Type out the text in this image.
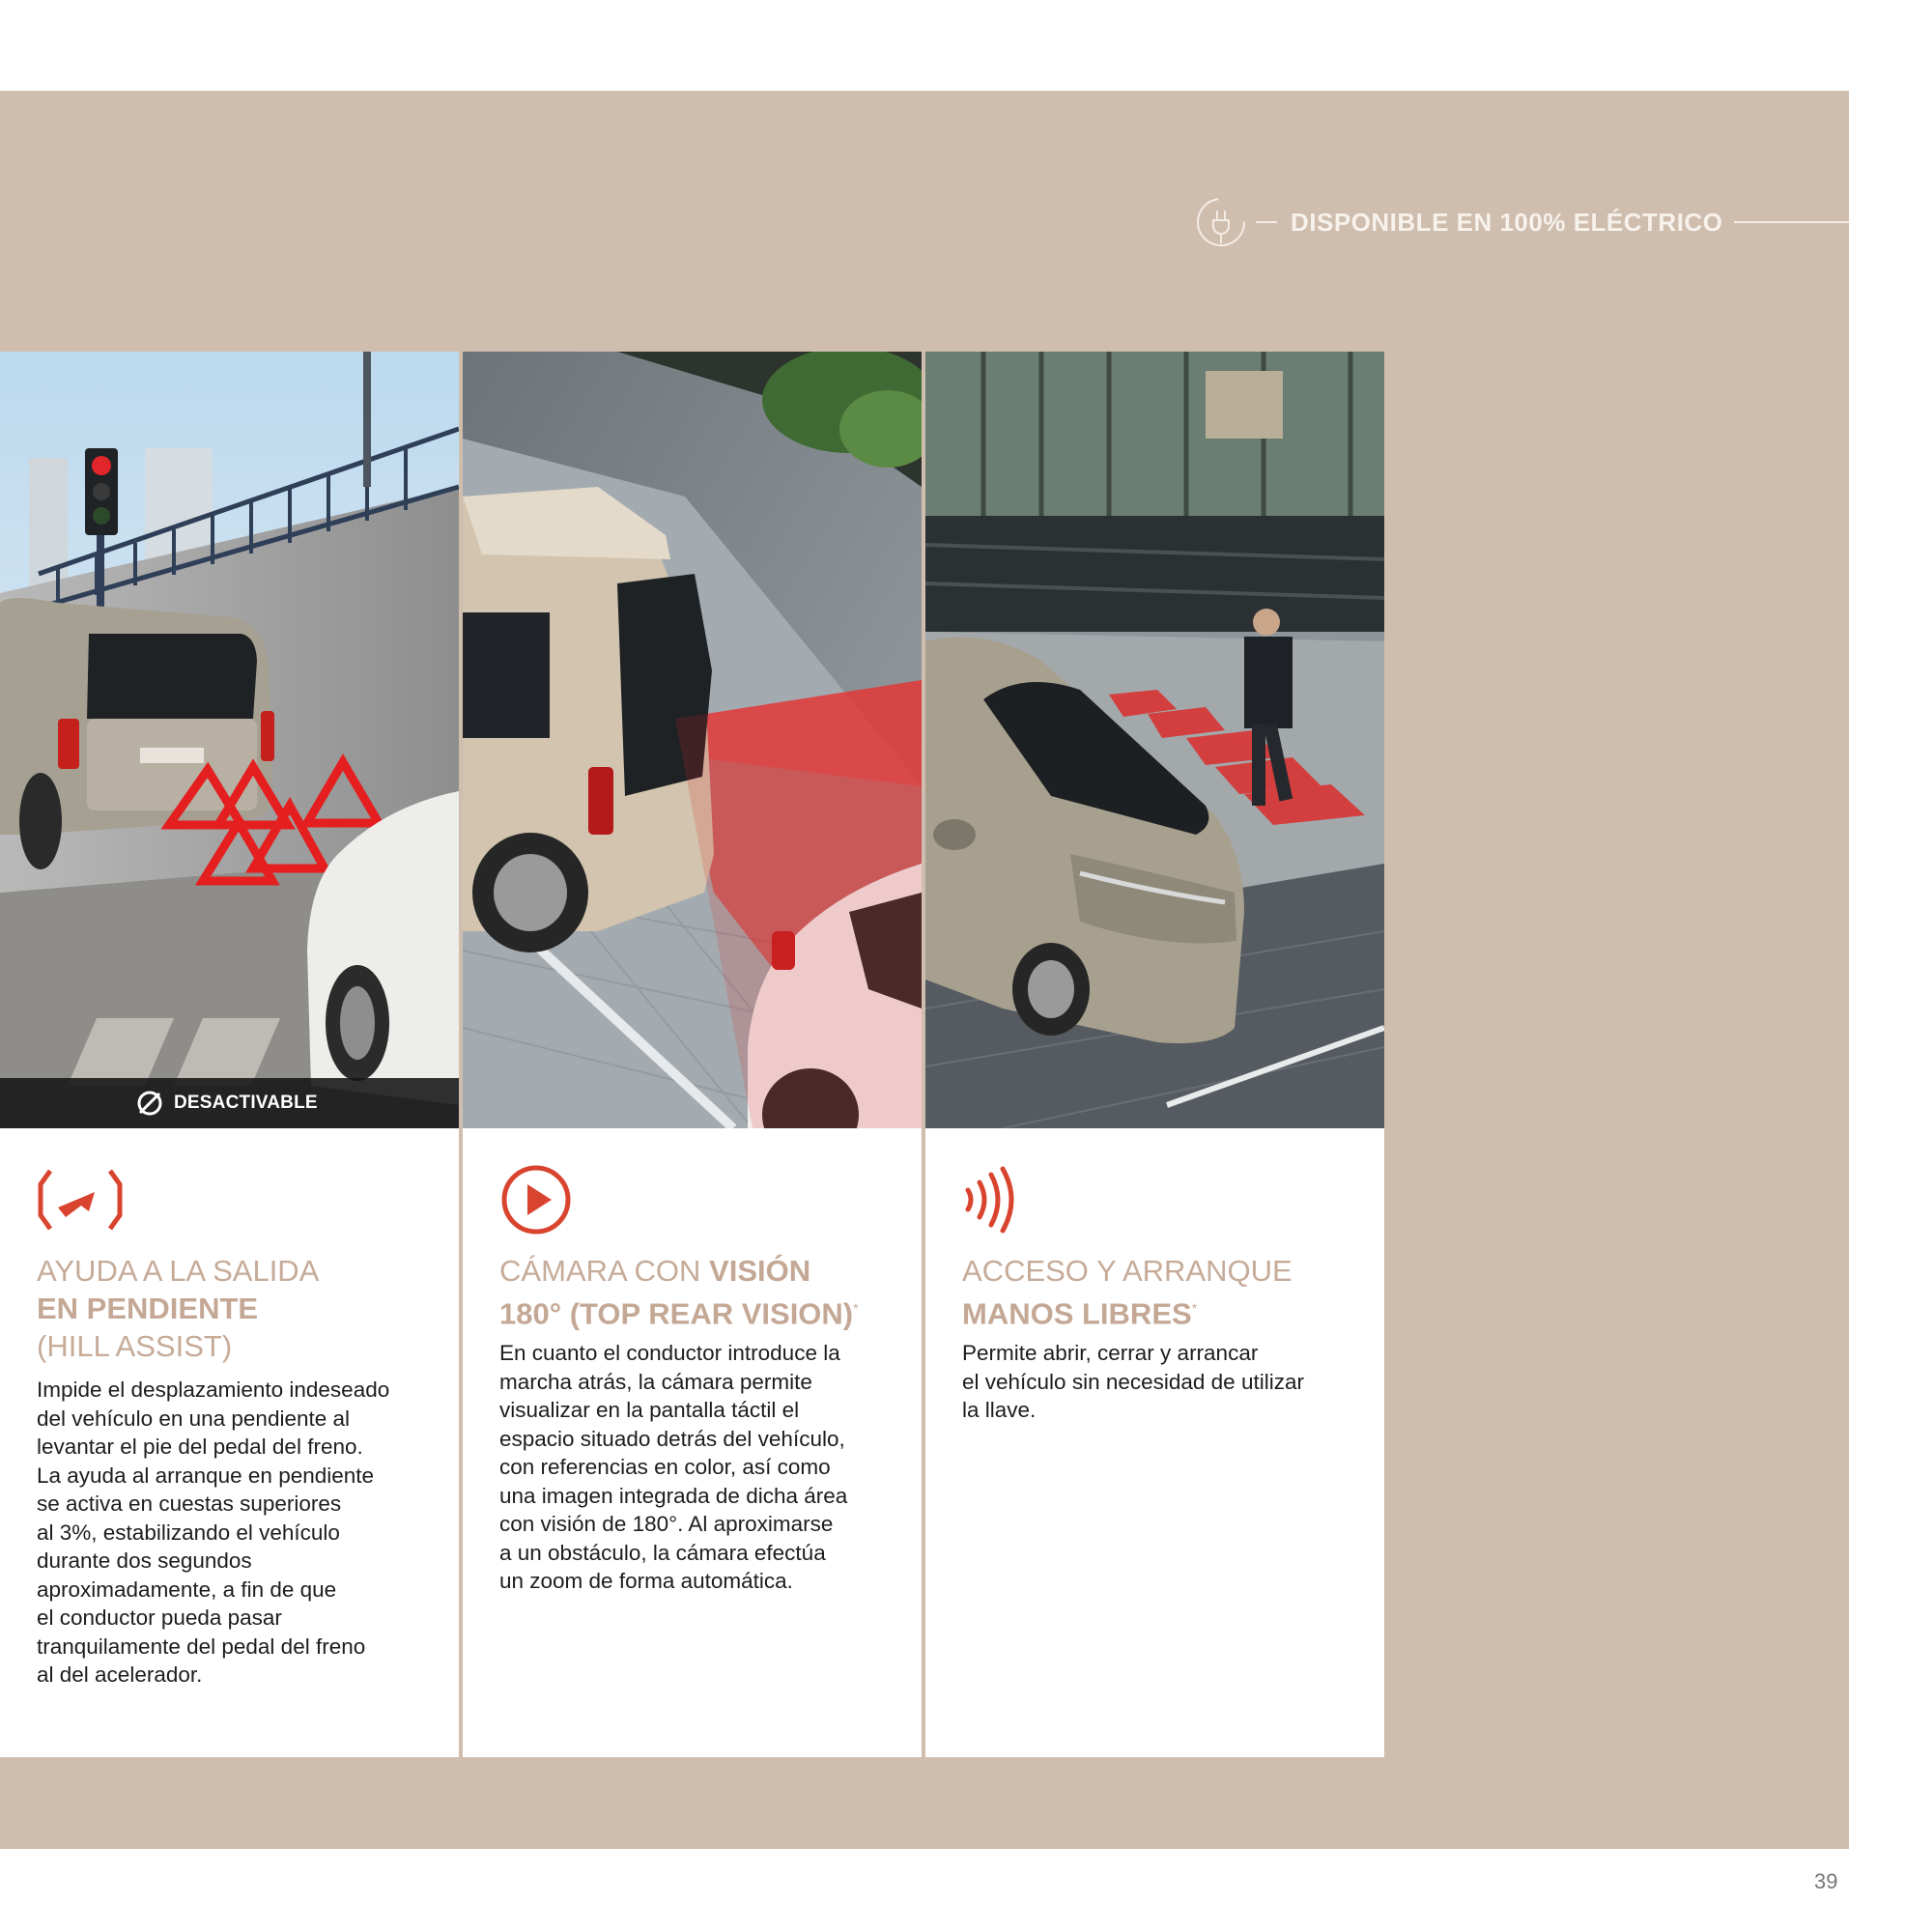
DISPONIBLE EN 100% ELÉCTRICO
DESACTIVABLE
AYUDA A LA SALIDA
EN PENDIENTE
(HILL ASSIST)

Impide el desplazamiento indeseado
del vehículo en una pendiente al
levantar el pie del pedal del freno.
La ayuda al arranque en pendiente
se activa en cuestas superiores
al 3%, estabilizando el vehículo
durante dos segundos
aproximadamente, a fin de que
el conductor pueda pasar
tranquilamente del pedal del freno
al del acelerador.

CÁMARA CON VISIÓN
180° (TOP REAR VISION)*

En cuanto el conductor introduce la
marcha atrás, la cámara permite
visualizar en la pantalla táctil el
espacio situado detrás del vehículo,
con referencias en color, así como
una imagen integrada de dicha área
con visión de 180°. Al aproximarse
a un obstáculo, la cámara efectúa
un zoom de forma automática.

ACCESO Y ARRANQUE
MANOS LIBRES*

Permite abrir, cerrar y arrancar
el vehículo sin necesidad de utilizar
la llave.

39
